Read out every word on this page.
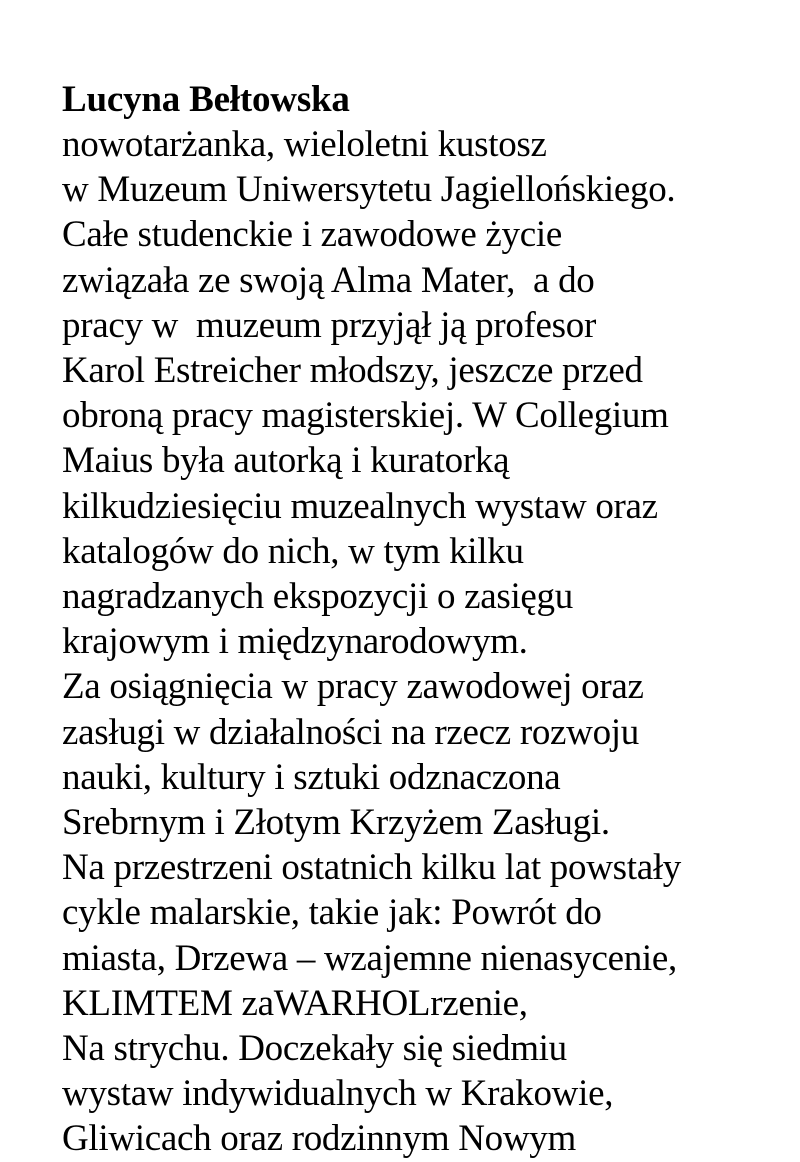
Lucyna Bełtowska

nowotarżanka, wieloletni kustosz

w Muzeum Uniwersytetu Jagiellońskiego.

Całe studenckie i zawodowe życie

związała ze swoją Alma Mater,  a do

pracy w  muzeum przyjął ją profesor

Karol Estreicher młodszy, jeszcze przed

obroną pracy magisterskiej. W Collegium

Maius była autorką i kuratorką

kilkudziesięciu muzealnych wystaw oraz

katalogów do nich, w tym kilku

nagradzanych ekspozycji o zasięgu

krajowym i międzynarodowym.

Za osiągnięcia w pracy zawodowej oraz

zasługi w działalności na rzecz rozwoju

nauki, kultury i sztuki odznaczona

Srebrnym i Złotym Krzyżem Zasługi.

Na przestrzeni ostatnich kilku lat powstały

cykle malarskie, takie jak: Powrót do

miasta, Drzewa – wzajemne nienasycenie,

KLIMTEM zaWARHOLrzenie,

Na strychu. Doczekały się siedmiu

wystaw indywidualnych w Krakowie,

Gliwicach oraz rodzinnym Nowym
